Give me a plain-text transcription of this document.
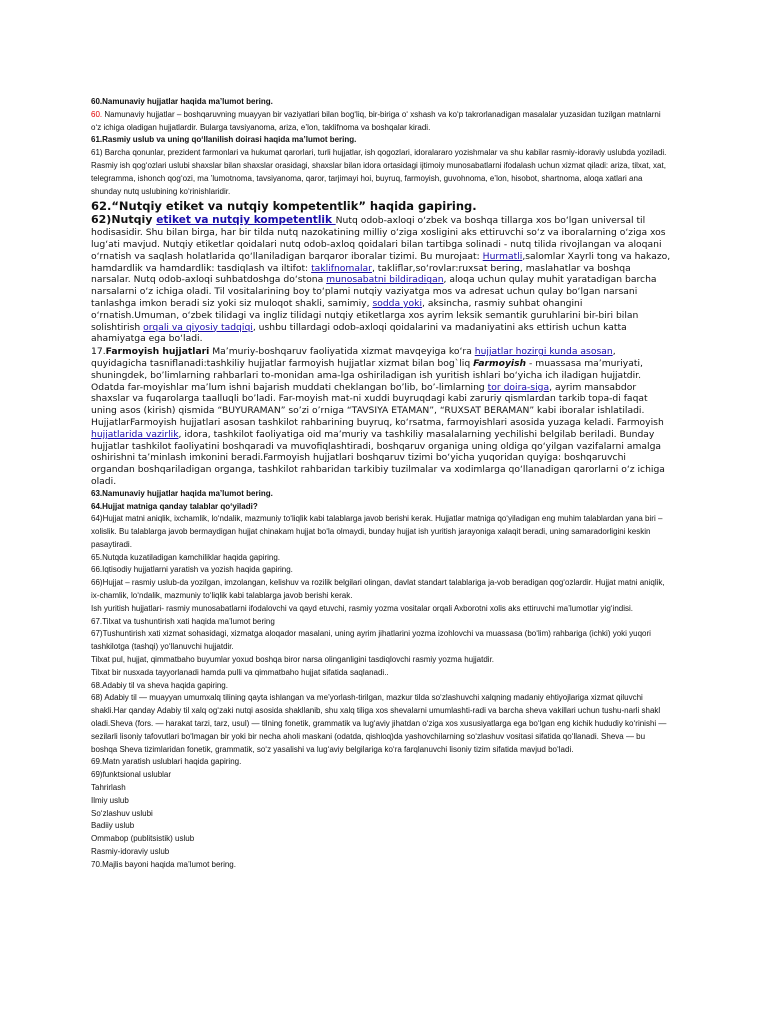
60.Namunaviy hujjatlar haqida ma’lumot bering.

60. Namunaviy hujjatlar – boshqaruvning muayyan bir vaziyatlari bilan bog‘liq, bir-biriga o‘ xshash va ko‘p takrorlanadigan masalalar yuzasidan tuzilgan matnlarni o‘z ichiga oladigan hujjatlardir. Bularga tavsiyanoma, ariza, e’lon, taklifnoma va boshqalar kiradi.

61.Rasmiy uslub va uning qo‘llanilish doirasi haqida ma’lumot bering.

61) Barcha qonunlar, prezident farmonlari va hukumat qarorlari, turli hujjatlar, ish qogozlari, idoralararo yozishmalar va shu kabilar rasmiy-idoraviy uslubda yoziladi. Rasmiy ish qog‘ozlari uslubi shaxslar bilan shaxslar orasidagi, shaxslar bilan idora ortasidagi ijtimoiy munosabatlarni ifodalash uchun xizmat qiladi: ariza, tilxat, xat, telegramma, ishonch qog‘ozi, ma ’lumotnoma, tavsiyanoma, qaror, tarjimayi hoi, buyruq, farmoyish, guvohnoma, e’lon, hisobot, shartnoma, aloqa xatlari ana shunday nutq uslubining ko‘rinishlaridir.

62.“Nutqiy etiket va nutqiy kompetentlik” haqida gapiring.

62)Nutqiy etiket va nutqiy kompetentlik Nutq odob-axloqi o‘zbek va boshqa tillarga xos bo‘lgan universal til hodisasidir. Shu bilan birga, har bir tilda nutq nazokatining milliy o‘ziga xosligini aks ettiruvchi so‘z va iboralarning o‘ziga xos lug‘ati mavjud. Nutqiy etiketlar qoidalari nutq odob-axloq qoidalari bilan tartibga solinadi - nutq tilida rivojlangan va aloqani o‘rnatish va saqlash holatlarida qo‘llaniladigan barqaror iboralar tizimi. Bu murojaat: Hurmatli,salomlar Xayrli tong va hakazo, hamdardlik va hamdardlik: tasdiqlash va iltifot: taklifnomalar, takliflar,so‘rovlar:ruxsat bering, maslahatlar va boshqa narsalar. Nutq odob-axloqi suhbatdoshga do‘stona munosabatni bildiradigan, aloqa uchun qulay muhit yaratadigan barcha narsalarni o‘z ichiga oladi. Til vositalarining boy to‘plami nutqiy vaziyatga mos va adresat uchun qulay bo‘lgan narsani tanlashga imkon beradi siz yoki siz muloqot shakli, samimiy, sodda yoki, aksincha, rasmiy suhbat ohangini o‘rnatish.Umuman, o‘zbek tilidagi va ingliz tilidagi nutqiy etiketlarga xos ayrim leksik semantik guruhlarini bir-biri bilan solishtirish orqali va qiyosiy tadqiqi, ushbu tillardagi odob-axloqi qoidalarini va madaniyatini aks ettirish uchun katta ahamiyatga ega bo‘ladi.

17.Farmoyish hujjatlari Ma’muriy-boshqaruv faoliyatida xizmat mavqeyiga ko‘ra hujjatlar hozirgi kunda asosan, quyidagicha tasniflanadi:tashkiliy hujjatlar farmoyish hujjatlar xizmat bilan bog`liq Farmoyish - muassasa ma’muriyati, shuningdek, bo’limlarning rahbarlari to-monidan ama-lga oshiriladigan іsh yuritish іshlari bo‘yicha іch іladigan hujjatdir. Odatda far-moyishlar ma’lum ishni bajarish muddati cheklangan bo’lib, bo’-limlarning tor doira-siga, ayrim mansabdor shaxslar va fuqarolarga taalluqli bo’ladi. Far-moyish mat-ni xuddi buyruqdagi kabi zaruriy qismlardan tarkib topa-di faqat uning asos (kirish) qismida “BUYURAMAN” so’zi o’rniga “TAVSIYA ETAMAN”, “RUXSAT BERAMAN” kabi iboralar ishlatiladi. HujjatlarFarmoyish hujjatlari asosan tashkilot rahbarining buyruq, ko‘rsatma, farmoyishlari asosida yuzaga keladi. Farmoyish hujjatlarida vazirlik, idora, tashkilot faoliyatiga oid ma’muriy va tashkiliy masalalarning yechilishi belgilab beriladi. Bunday hujjatlar tashkilot faoliyatini boshqaradi va muvofiqlashtiradi, boshqaruv organiga uning oldiga qo‘yilgan vazifalarni amalga oshirishni ta’minlash imkonini beradi.Farmoyish hujjatlari boshqaruv tizimi bo‘yicha yuqoridan quyiga: boshqaruvchi organdan boshqariladigan organga, tashkilot rahbaridan tarkibiy tuzilmalar va xodimlarga qo‘llanadigan qarorlarni o‘z ichiga oladi.

63.Namunaviy hujjatlar haqida ma’lumot bering.

64.Hujjat matniga qanday talablar qo‘yiladi?

64)Hujjat matni aniqlik, ixchamlik, lo‘ndalik, mazmuniy to‘liqlik kabi talablarga javob berishi kerak. Hujjatlar matniga qo‘yiladigan eng muhim talablardan yana biri – xolislik. Bu talablarga javob bermaydigan hujjat chinakam hujjat bo‘la olmaydi, bunday hujjat ish yuritish jarayoniga xalaqit beradi, uning samaradorligini keskin pasaytiradi.

65.Nutqda kuzatiladigan kamchiliklar haqida gapiring.

66.Iqtisodiy hujjatlarni yaratish va yozish haqida gapiring.

66)Hujjat – rasmiy uslub-da yozilgan, imzolangan, kelishuv va rozilik belgilari olingan, davlat standart talablariga ja-vob beradigan qog‘ozlardir. Hujjat matni aniqlik, ix-chamlik, lo‘ndalik, mazmuniy to‘liqlik kabi talablarga javob berishi kerak.

Ish yuritish hujjatlari- rasmiy munosabatlarni ifodalovchi va qayd etuvchi, rasmiy yozma vositalar orqali Axborotni xolis aks ettiruvchi ma’lumotlar yig‘indisi.

67.Tilxat va tushuntirish xati haqida ma’lumot bering

67)Tushuntirish xati xizmat sohasidagi, xizmatga aloqador masalani, uning ayrim jihatlarini yozma izohlovchi va muassasa (bo‘lim) rahbariga (ichki) yoki yuqori tashkilotga (tashqi) yo‘llanuvchi hujjatdir.

Tilxat pul, hujjat, qimmatbaho buyumlar yoxud boshqa biror narsa olinganligini tasdiqlovchi rasmiy yozma hujjatdir.

Tilxat bir nusxada tayyorlanadi hamda pulli va qimmatbaho hujjat sifatida saqlanadi..

68.Adabiy til va sheva haqida gapiring.

68) Adabiy til — muayyan umumxalq tilining qayta ishlangan va me’yorlash-tirilgan, mazkur tilda so‘zlashuvchi xalqning madaniy ehtiyojlariga xizmat qiluvchi shakli.Har qanday Adabiy til xalq og‘zaki nutqi asosida shakllanib, shu xalq tiliga xos shevalarni umumlashti-radi va barcha sheva vakillari uchun tushu-narli shakl oladi.Sheva (fors. — harakat tarzi, tarz, usul) — tilning fonetik, grammatik va lug‘aviy jihatdan o‘ziga xos xususiyatlarga ega bo‘lgan eng kichik hududiy ko‘rinishi — sezilarli lisoniy tafovutlari bo‘lmagan bir yoki bir necha aholi maskani (odatda, qishloq)da yashovchilarning so‘zlashuv vositasi sifatida qo‘llanadi. Sheva — bu boshqa Sheva tizimlaridan fonetik, grammatik, so‘z yasalishi va lug‘aviy belgilariga ko‘ra farqlanuvchi lisoniy tizim sifatida mavjud bo‘ladi.

69.Matn yaratish uslublari haqida gapiring.

69)funktsional uslublar

Tahrirlash

Ilmiy uslub

So‘zlashuv uslubi

Badiiy uslub

Ommabop (publitsistik) uslub

Rasmiy-idoraviy uslub

70.Majlis bayoni haqida ma’lumot bering.
